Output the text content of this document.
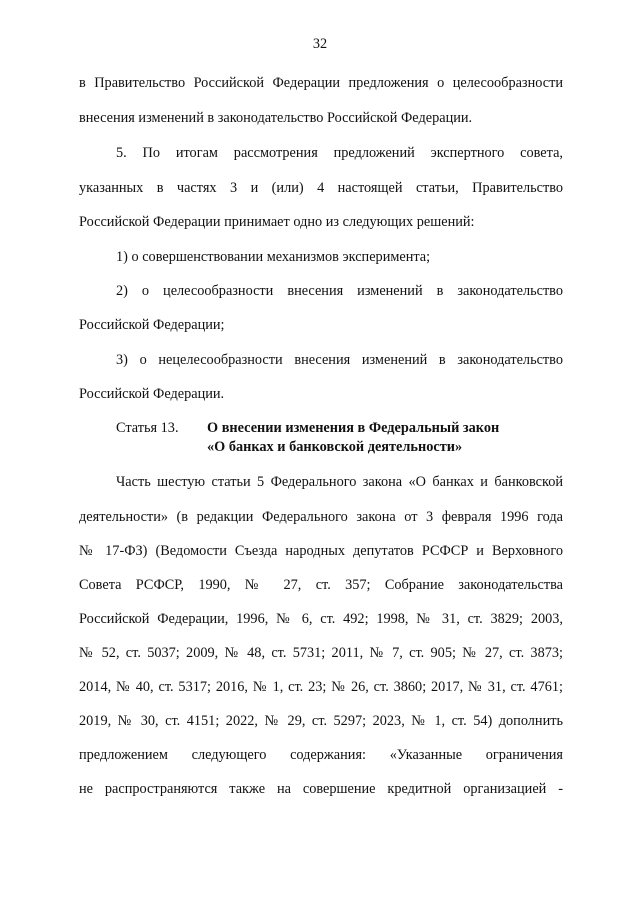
32

в Правительство Российской Федерации предложения о целесообразности

внесения изменений в законодательство Российской Федерации.

5. По итогам рассмотрения предложений экспертного совета,

указанных в частях 3 и (или) 4 настоящей статьи, Правительство

Российской Федерации принимает одно из следующих решений:

1) о совершенствовании механизмов эксперимента;

2) о целесообразности внесения изменений в законодательство

Российской Федерации;

3) о нецелесообразности внесения изменений в законодательство

Российской Федерации.

Статья 13. О внесении изменения в Федеральный закон

«О банках и банковской деятельности»

Часть шестую статьи 5 Федерального закона «О банках и банковской

деятельности» (в редакции Федерального закона от 3 февраля 1996 года

№ 17-ФЗ) (Ведомости Съезда народных депутатов РСФСР и Верховного

Совета РСФСР, 1990, № 27, ст. 357; Собрание законодательства

Российской Федерации, 1996, № 6, ст. 492; 1998, № 31, ст. 3829; 2003,

№ 52, ст. 5037; 2009, № 48, ст. 5731; 2011, № 7, ст. 905; № 27, ст. 3873;

2014, № 40, ст. 5317; 2016, № 1, ст. 23; № 26, ст. 3860; 2017, № 31, ст. 4761;

2019, № 30, ст. 4151; 2022, № 29, ст. 5297; 2023, № 1, ст. 54) дополнить

предложением следующего содержания: «Указанные ограничения

не распространяются также на совершение кредитной организацией -
